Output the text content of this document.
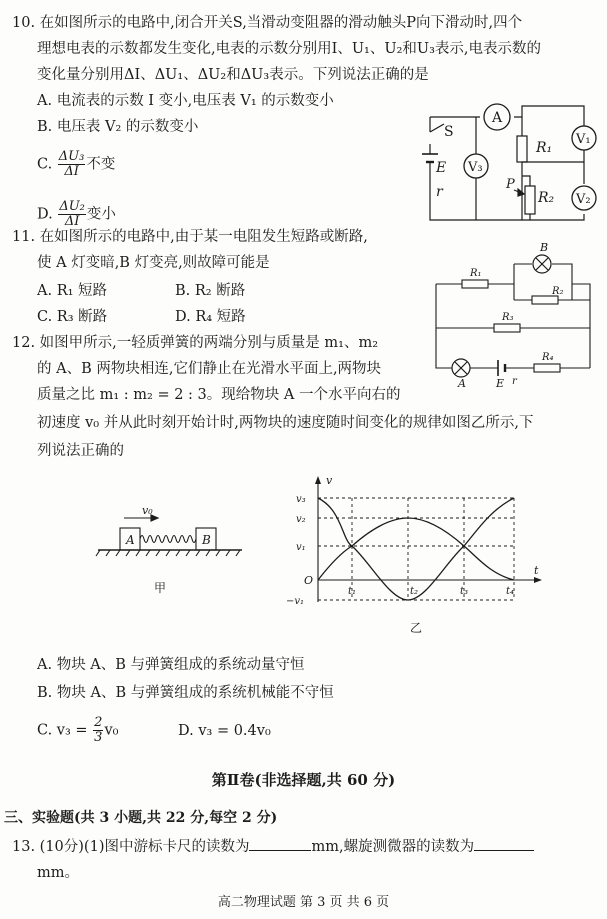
10. 在如图所示的电路中,闭合开关S,当滑动变阻器的滑动触头P向下滑动时,四个
理想电表的示数都发生变化,电表的示数分别用I、U₁、U₂和U₃表示,电表示数的
变化量分别用ΔI、ΔU₁、ΔU₂和ΔU₃表示。下列说法正确的是
A. 电流表的示数 I 变小,电压表 V₁ 的示数变小
B. 电压表 V₂ 的示数变小
C. $\frac{\text{ΔU₃}}{\Delta I}$ 不变
D. $\frac{\text{ΔU₂}}{\Delta I}$ 变小
A
V₃
V₁
V₂
S
R₁
R₂
P
E
r
11. 在如图所示的电路中,由于某一电阻发生短路或断路,
使 A 灯变暗,B 灯变亮,则故障可能是
A. R₁ 短路	B. R₂ 断路
C. R₃ 断路	D. R₄ 短路
B
R₁
R₂
R₃
R₄
A	E r
12. 如图甲所示,一轻质弹簧的两端分别与质量是 m₁、m₂
的 A、B 两物块相连,它们静止在光滑水平面上,两物块
质量之比 m₁ : m₂ = 2 : 3。现给物块 A 一个水平向右的
初速度 v₀ 并从此时刻开始计时,两物块的速度随时间变化的规律如图乙所示,下
列说法正确的
v₀
A	B
甲
v
t
O
v₃
v₂
v₁
−v₁
t₁	t₂	t₃	t₄
乙
A. 物块 A、B 与弹簧组成的系统动量守恒
B. 物块 A、B 与弹簧组成的系统机械能不守恒
C. $v_3 = \frac{2}{3} v_0$	D. v₃ = 0.4v₀
第Ⅱ卷(非选择题,共 60 分)
三、实验题(共 3 小题,共 22 分,每空 2 分)
13. (10分)(1)图中游标卡尺的读数为	mm,螺旋测微器的读数为
mm。
高二物理试题 第 3 页 共 6 页
